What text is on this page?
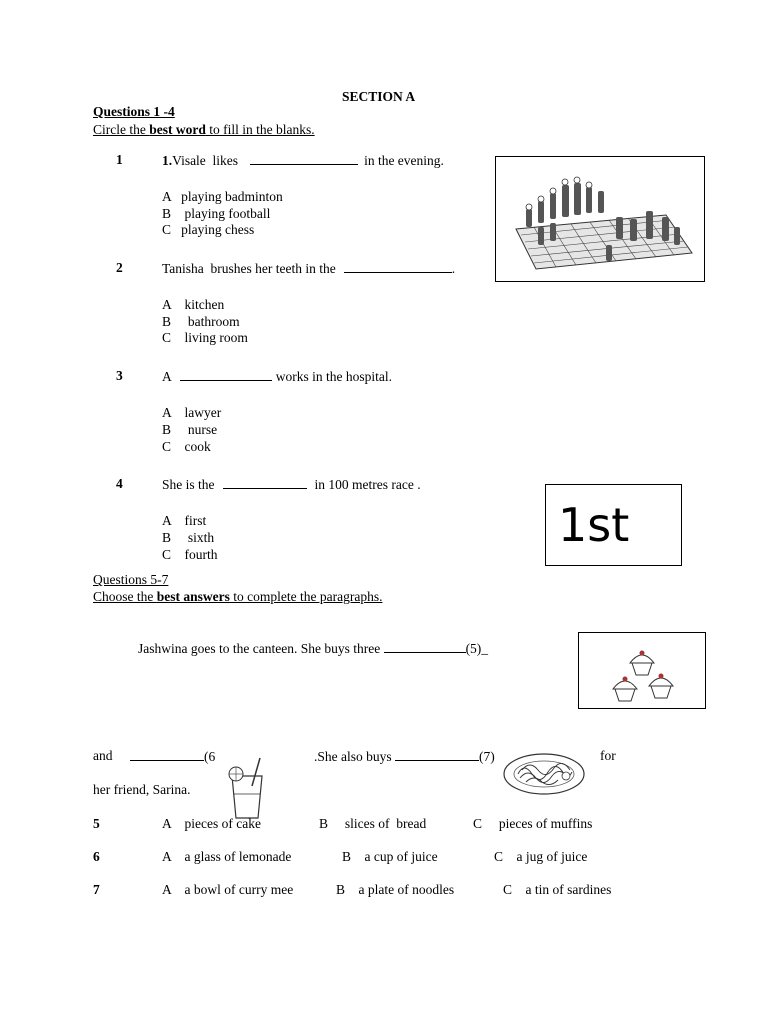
SECTION A
Questions 1 -4
Circle the best word to fill in the blanks.
1	1.Visale  likes	in the evening.
A playing badminton
B    playing football
C playing chess
2	Tanisha  brushes her teeth in the	.
A    kitchen
B     bathroom
C    living room
3	A	works in the hospital.
A    lawyer
B     nurse
C    cook
4	She is the	in 100 metres race .
A    first
B     sixth
C    fourth
1st
Questions 5-7
Choose the best answers to complete the paragraphs.
Jashwina goes to the canteen. She buys three	(5)_
and	(6	.She also buys	(7)	for
her friend, Sarina.
5	A pieces of cake	B slices of  bread	C pieces of muffins
6	A a glass of lemonade	B a cup of juice	C a jug of juice
7	A a bowl of curry mee	B a plate of noodles	C a tin of sardines
